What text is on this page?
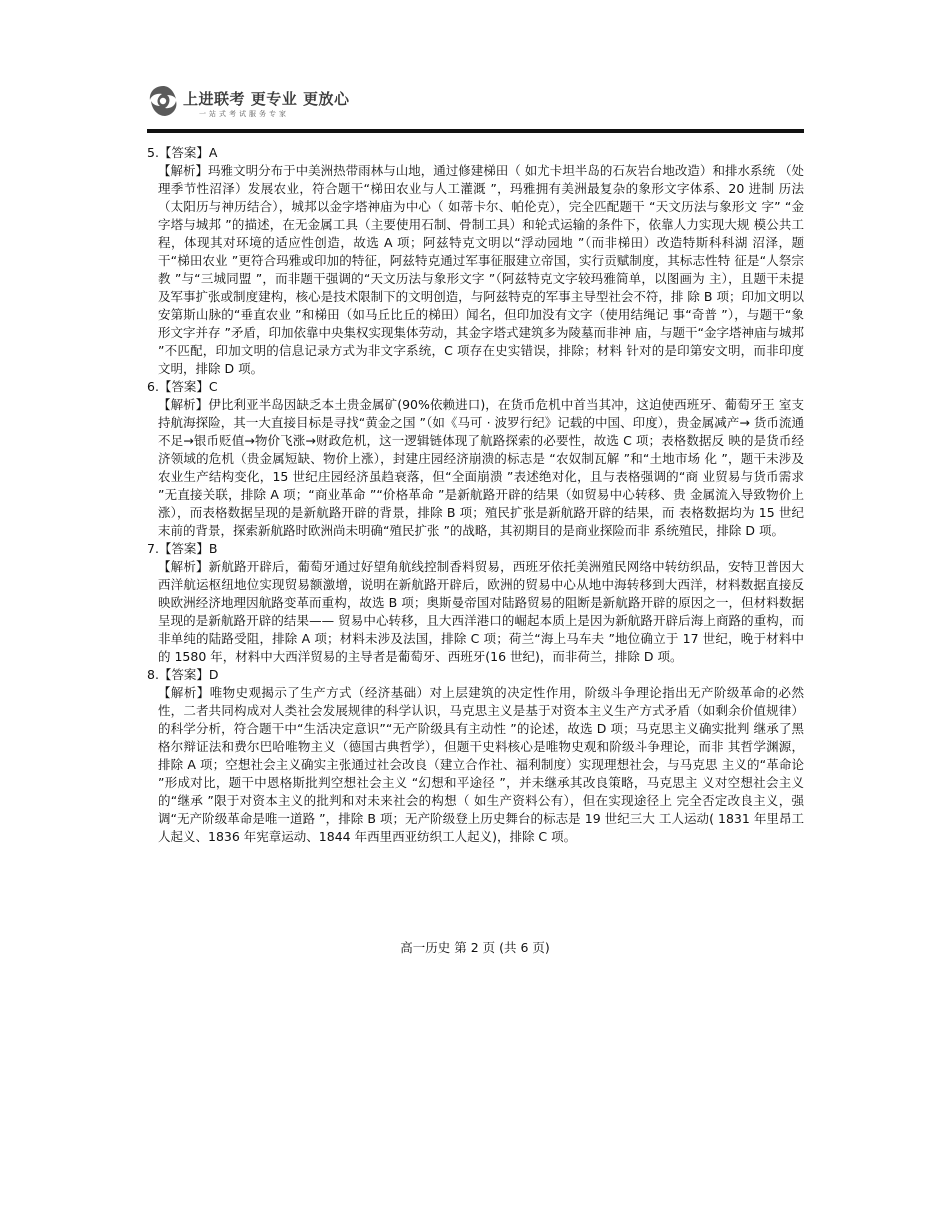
上进联考 更专业 更放心
一站式考试服务专家

5.【答案】A

【解析】玛雅文明分布于中美洲热带雨林与山地，通过修建梯田（ 如尤卡坦半岛的石灰岩台地改造）和排水系统 （处理季节性沼泽）发展农业，符合题干“梯田农业与人工灌溉 ”，玛雅拥有美洲最复杂的象形文字体系、20 进制 历法（太阳历与神历结合），城邦以金字塔神庙为中心（ 如蒂卡尔、帕伦克），完全匹配题干 “天文历法与象形文 字” “金字塔与城邦 ”的描述，在无金属工具（主要使用石制、骨制工具）和轮式运输的条件下，依靠人力实现大规 模公共工程，体现其对环境的适应性创造，故选 A 项；阿兹特克文明以“浮动园地 ”（而非梯田）改造特斯科科湖 沼泽，题干“梯田农业 ”更符合玛雅或印加的特征，阿兹特克通过军事征服建立帝国，实行贡赋制度，其标志性特 征是“人祭宗教 ”与“三城同盟 ”，而非题干强调的“天文历法与象形文字 ”（阿兹特克文字较玛雅简单，以图画为 主），且题干未提及军事扩张或制度建构，核心是技术限制下的文明创造，与阿兹特克的军事主导型社会不符，排 除 B 项；印加文明以安第斯山脉的“垂直农业 ”和梯田（如马丘比丘的梯田）闻名，但印加没有文字（使用结绳记 事“奇普 ”），与题干“象形文字并存 ”矛盾，印加依靠中央集权实现集体劳动，其金字塔式建筑多为陵墓而非神 庙，与题干“金字塔神庙与城邦 ”不匹配，印加文明的信息记录方式为非文字系统，C 项存在史实错误，排除；材料 针对的是印第安文明，而非印度文明，排除 D 项。

6.【答案】C

【解析】伊比利亚半岛因缺乏本土贵金属矿(90%依赖进口)，在货币危机中首当其冲，这迫使西班牙、葡萄牙王 室支持航海探险，其一大直接目标是寻找“黄金之国 ”（如《马可 · 波罗行纪》记载的中国、印度），贵金属减产→ 货币流通不足→银币贬值→物价飞涨→财政危机，这一逻辑链体现了航路探索的必要性，故选 C 项；表格数据反 映的是货币经济领域的危机（贵金属短缺、物价上涨），封建庄园经济崩溃的标志是 “农奴制瓦解 ”和“土地市场 化 ”，题干未涉及农业生产结构变化，15 世纪庄园经济虽趋衰落，但“全面崩溃 ”表述绝对化，且与表格强调的“商 业贸易与货币需求 ”无直接关联，排除 A 项；“商业革命 ”“价格革命 ”是新航路开辟的结果（如贸易中心转移、贵 金属流入导致物价上涨），而表格数据呈现的是新航路开辟的背景，排除 B 项；殖民扩张是新航路开辟的结果，而 表格数据均为 15 世纪末前的背景，探索新航路时欧洲尚未明确“殖民扩张 ”的战略，其初期目的是商业探险而非 系统殖民，排除 D 项。

7.【答案】B

【解析】新航路开辟后，葡萄牙通过好望角航线控制香料贸易，西班牙依托美洲殖民网络中转纺织品，安特卫普因大西洋航运枢纽地位实现贸易额激增，说明在新航路开辟后，欧洲的贸易中心从地中海转移到大西洋，材料数据直接反映欧洲经济地理因航路变革而重构，故选 B 项；奥斯曼帝国对陆路贸易的阻断是新航路开辟的原因之一，但材料数据呈现的是新航路开辟的结果—— 贸易中心转移，且大西洋港口的崛起本质上是因为新航路开辟后海上商路的重构，而非单纯的陆路受阻，排除 A 项；材料未涉及法国，排除 C 项；荷兰“海上马车夫 ”地位确立于 17 世纪，晚于材料中的 1580 年，材料中大西洋贸易的主导者是葡萄牙、西班牙(16 世纪)，而非荷兰，排除 D 项。

8.【答案】D

【解析】唯物史观揭示了生产方式（经济基础）对上层建筑的决定性作用，阶级斗争理论指出无产阶级革命的必然性，二者共同构成对人类社会发展规律的科学认识，马克思主义是基于对资本主义生产方式矛盾（如剩余价值规律）的科学分析，符合题干中“生活决定意识”“无产阶级具有主动性 ”的论述，故选 D 项；马克思主义确实批判 继承了黑格尔辩证法和费尔巴哈唯物主义（德国古典哲学），但题干史料核心是唯物史观和阶级斗争理论，而非 其哲学渊源，排除 A 项；空想社会主义确实主张通过社会改良（建立合作社、福利制度）实现理想社会，与马克思 主义的“革命论 ”形成对比，题干中恩格斯批判空想社会主义 “幻想和平途径 ”，并未继承其改良策略，马克思主 义对空想社会主义的“继承 ”限于对资本主义的批判和对未来社会的构想（ 如生产资料公有），但在实现途径上 完全否定改良主义，强调“无产阶级革命是唯一道路 ”，排除 B 项；无产阶级登上历史舞台的标志是 19 世纪三大 工人运动( 1831 年里昂工人起义、1836 年宪章运动、1844 年西里西亚纺织工人起义)，排除 C 项。

高一历史 第 2 页 (共 6 页)
